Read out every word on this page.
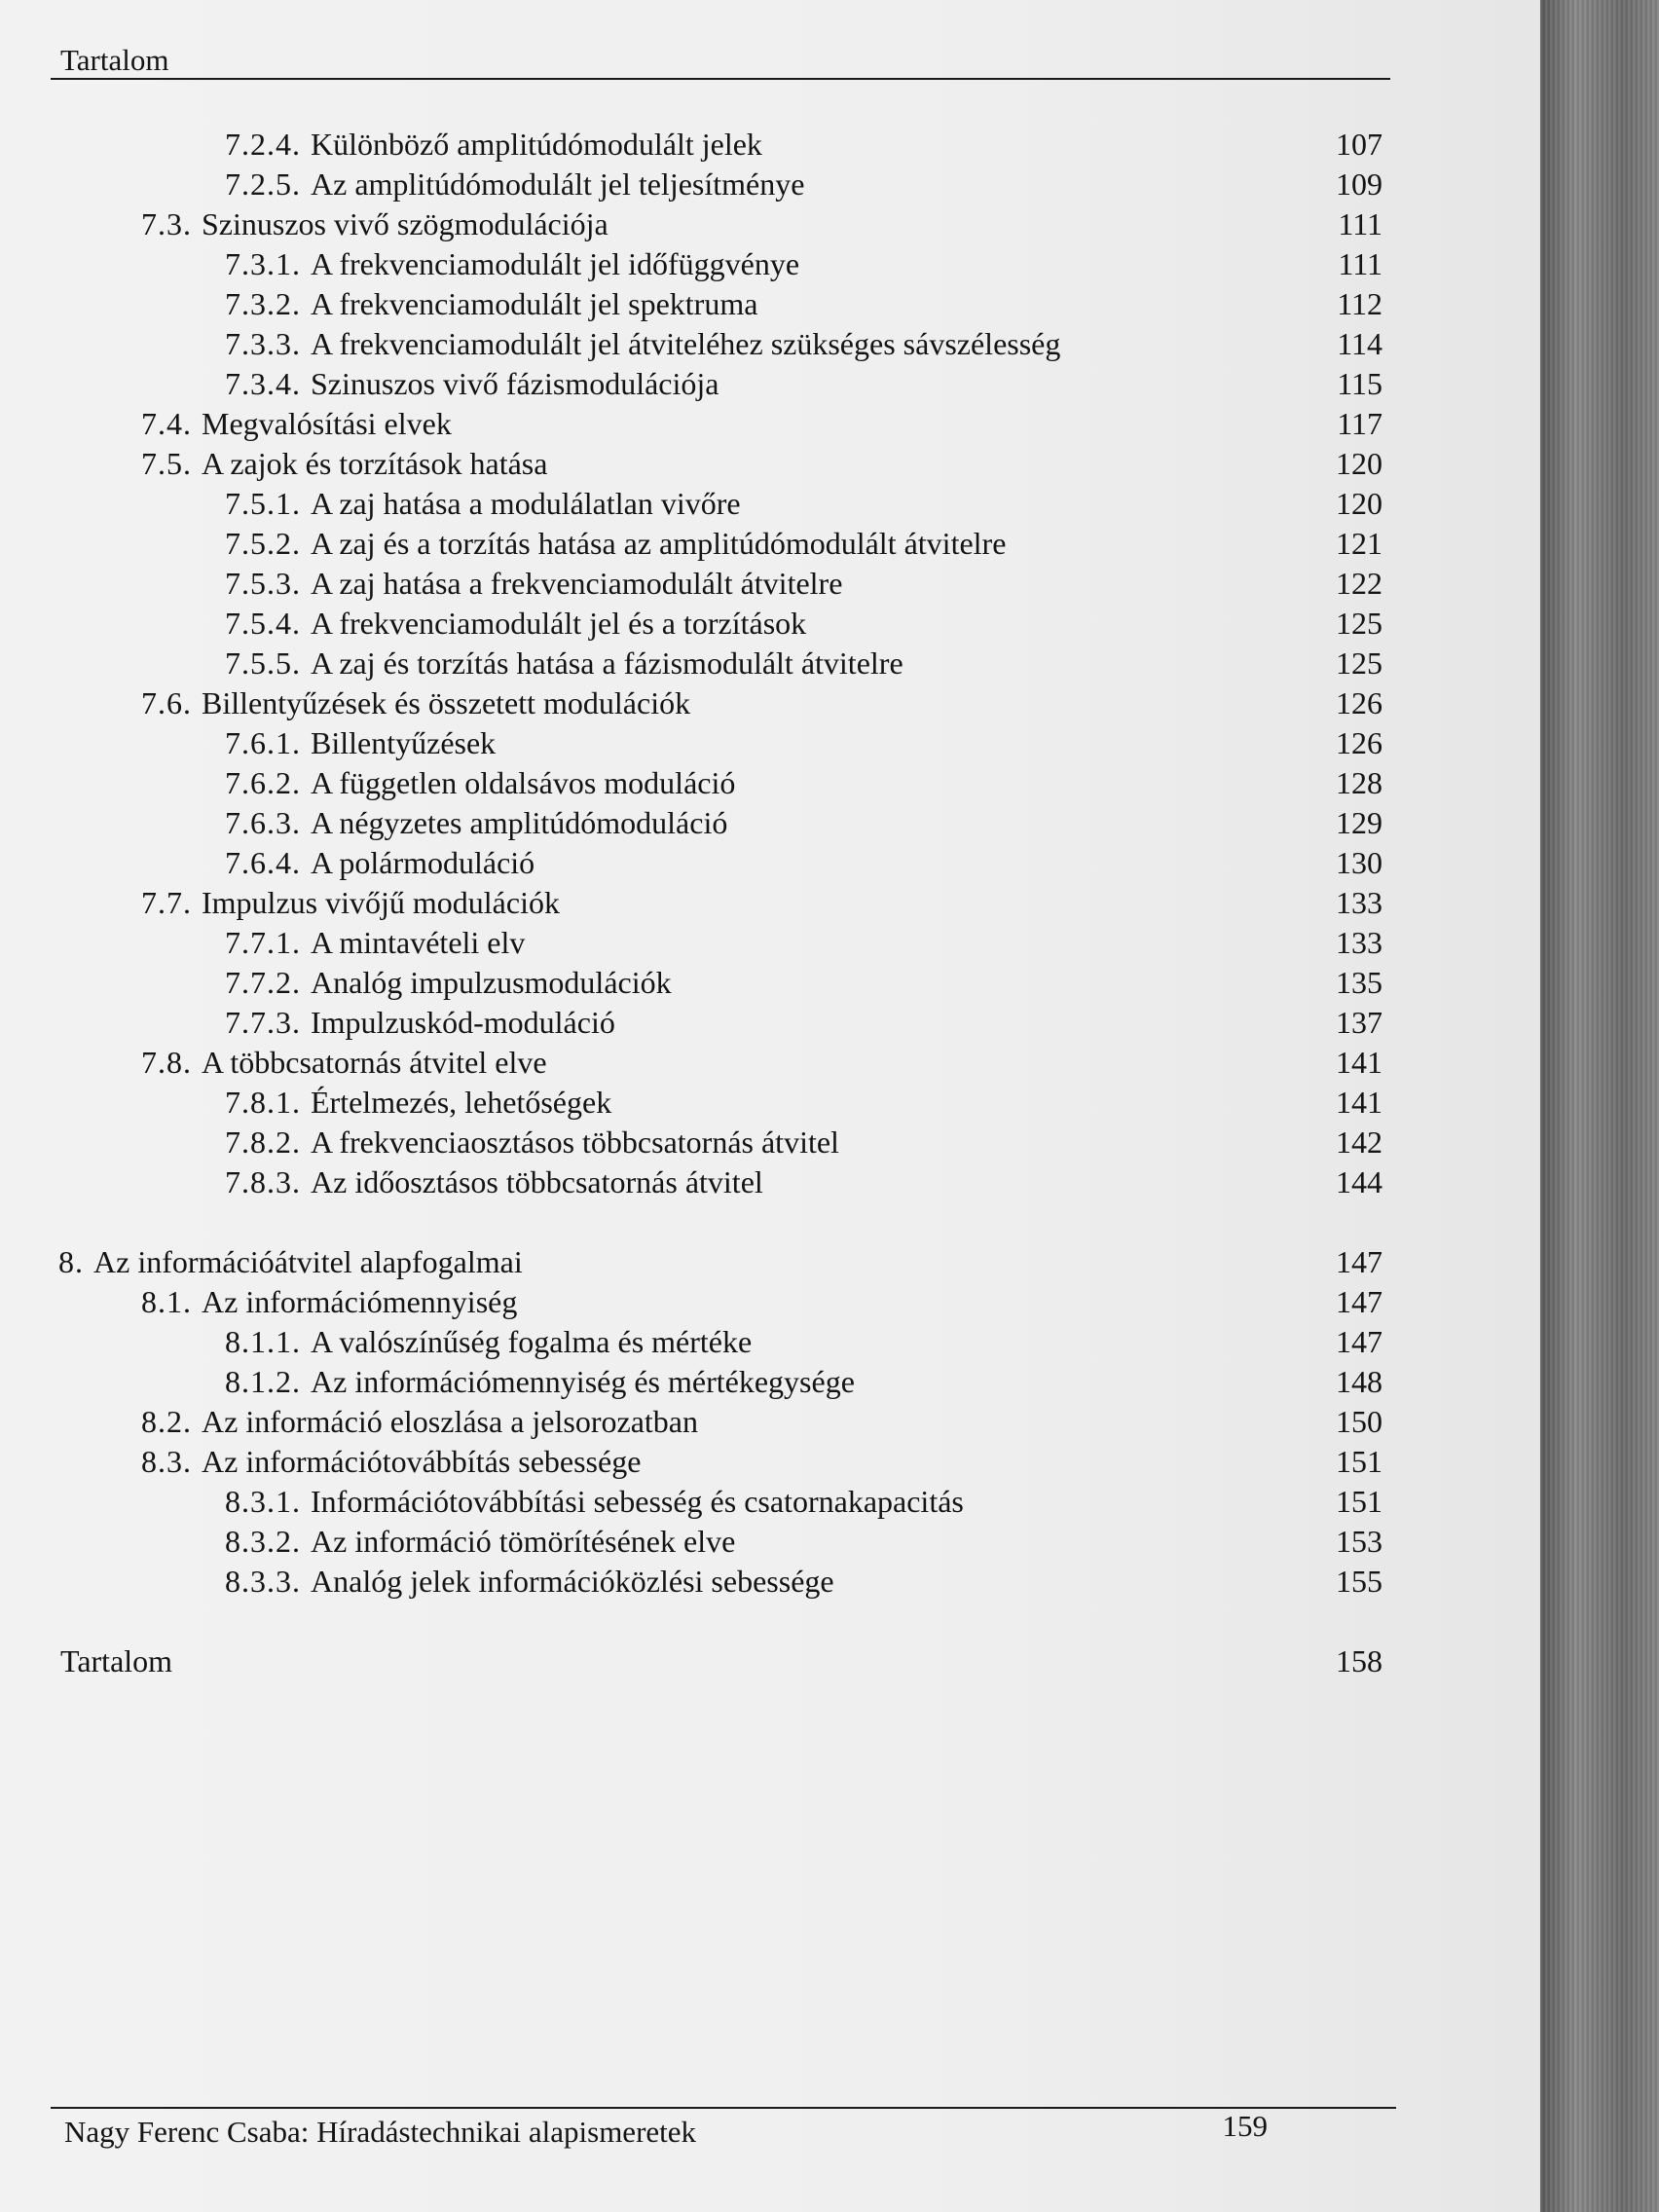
Tartalom
7.2.4. Különböző amplitúdómodulált jelek	107
7.2.5. Az amplitúdómodulált jel teljesítménye	109
7.3. Szinuszos vivő szögmodulációja	111
7.3.1. A frekvenciamodulált jel időfüggvénye	111
7.3.2. A frekvenciamodulált jel spektruma	112
7.3.3. A frekvenciamodulált jel átviteléhez szükséges sávszélesség	114
7.3.4. Szinuszos vivő fázismodulációja	115
7.4. Megvalósítási elvek	117
7.5. A zajok és torzítások hatása	120
7.5.1. A zaj hatása a modulálatlan vivőre	120
7.5.2. A zaj és a torzítás hatása az amplitúdómodulált átvitelre	121
7.5.3. A zaj hatása a frekvenciamodulált átvitelre	122
7.5.4. A frekvenciamodulált jel és a torzítások	125
7.5.5. A zaj és torzítás hatása a fázismodulált átvitelre	125
7.6. Billentyűzések és összetett modulációk	126
7.6.1. Billentyűzések	126
7.6.2. A független oldalsávos moduláció	128
7.6.3. A négyzetes amplitúdómoduláció	129
7.6.4. A polármoduláció	130
7.7. Impulzus vivőjű modulációk	133
7.7.1. A mintavételi elv	133
7.7.2. Analóg impulzusmodulációk	135
7.7.3. Impulzuskód-moduláció	137
7.8. A többcsatornás átvitel elve	141
7.8.1. Értelmezés, lehetőségek	141
7.8.2. A frekvenciaosztásos többcsatornás átvitel	142
7.8.3. Az időosztásos többcsatornás átvitel	144
8. Az információátvitel alapfogalmai	147
8.1. Az információmennyiség	147
8.1.1. A valószínűség fogalma és mértéke	147
8.1.2. Az információmennyiség és mértékegysége	148
8.2. Az információ eloszlása a jelsorozatban	150
8.3. Az információtovábbítás sebessége	151
8.3.1. Információtovábbítási sebesség és csatornakapacitás	151
8.3.2. Az információ tömörítésének elve	153
8.3.3. Analóg jelek információközlési sebessége	155
Tartalom	158
Nagy Ferenc Csaba: Híradástechnikai alapismeretek	159
